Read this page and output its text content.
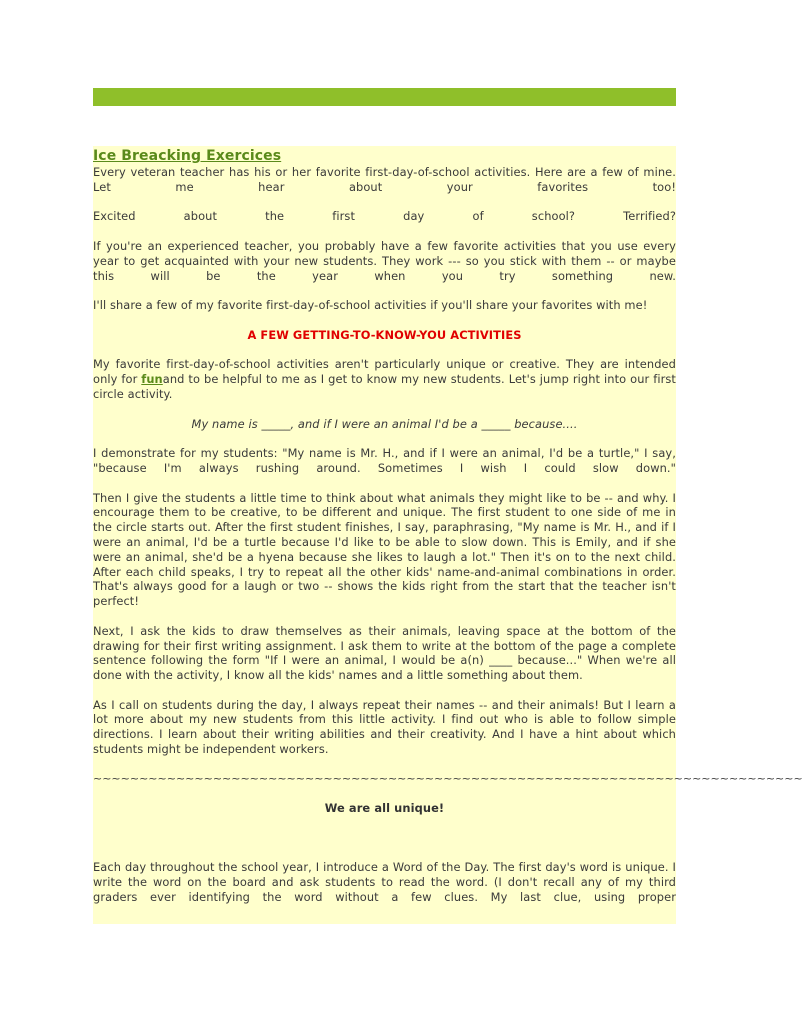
Ice Breacking Exercices

Every veteran teacher has his or her favorite first-day-of-school activities. Here are a few of mine. Let me hear about your favorites too!

Excited about the first day of school? Terrified?

If you're an experienced teacher, you probably have a few favorite activities that you use every year to get acquainted with your new students. They work --- so you stick with them -- or maybe this will be the year when you try something new.

I'll share a few of my favorite first-day-of-school activities if you'll share your favorites with me!

A FEW GETTING-TO-KNOW-YOU ACTIVITIES

My favorite first-day-of-school activities aren't particularly unique or creative. They are intended only for funand to be helpful to me as I get to know my new students. Let's jump right into our first circle activity.

My name is _____, and if I were an animal I'd be a _____ because....

I demonstrate for my students: "My name is Mr. H., and if I were an animal, I'd be a turtle," I say, "because I'm always rushing around. Sometimes I wish I could slow down."

Then I give the students a little time to think about what animals they might like to be -- and why. I encourage them to be creative, to be different and unique. The first student to one side of me in the circle starts out. After the first student finishes, I say, paraphrasing, "My name is Mr. H., and if I were an animal, I'd be a turtle because I'd like to be able to slow down. This is Emily, and if she were an animal, she'd be a hyena because she likes to laugh a lot." Then it's on to the next child. After each child speaks, I try to repeat all the other kids' name-and-animal combinations in order. That's always good for a laugh or two -- shows the kids right from the start that the teacher isn't perfect!

Next, I ask the kids to draw themselves as their animals, leaving space at the bottom of the drawing for their first writing assignment. I ask them to write at the bottom of the page a complete sentence following the form "If I were an animal, I would be a(n) ____ because..." When we're all done with the activity, I know all the kids' names and a little something about them.

As I call on students during the day, I always repeat their names -- and their animals! But I learn a lot more about my new students from this little activity. I find out who is able to follow simple directions. I learn about their writing abilities and their creativity. And I have a hint about which students might be independent workers.

~~~~~~~~~~~~~~~~~~~~~~~~~~~~~~~~~~~~~~~~~~~~~~~~~~~~~~~~~~~~~~~~~~~~~~~~~~~~~

We are all unique!

Each day throughout the school year, I introduce a Word of the Day. The first day's word is unique. I write the word on the board and ask students to read the word. (I don't recall any of my third graders ever identifying the word without a few clues. My last clue, using proper
